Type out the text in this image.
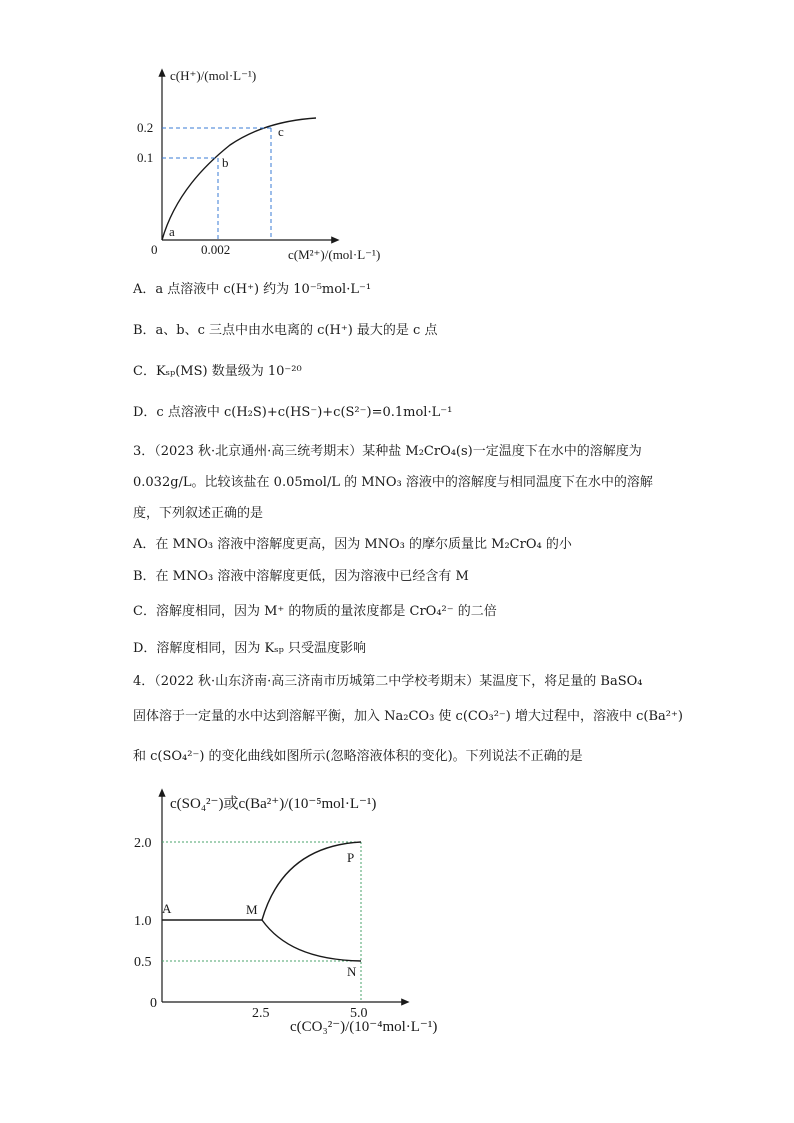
c(H⁺)/(mol·L⁻¹)
c(M²⁺)/(mol·L⁻¹)
0	0.002
0.2
0.1
a
b
c
A．a 点溶液中 c(H⁺) 约为 10⁻⁵mol·L⁻¹
B．a、b、c 三点中由水电离的 c(H⁺) 最大的是 c 点
C．Kₛₚ(MS) 数量级为 10⁻²⁰
D．c 点溶液中 c(H₂S)+c(HS⁻)+c(S²⁻)=0.1mol·L⁻¹
3．（2023 秋·北京通州·高三统考期末）某种盐 M₂CrO₄(s)一定温度下在水中的溶解度为
0.032g/L。比较该盐在 0.05mol/L 的 MNO₃ 溶液中的溶解度与相同温度下在水中的溶解
度，下列叙述正确的是
A．在 MNO₃ 溶液中溶解度更高，因为 MNO₃ 的摩尔质量比 M₂CrO₄ 的小
B．在 MNO₃ 溶液中溶解度更低，因为溶液中已经含有 M
C．溶解度相同，因为 M⁺ 的物质的量浓度都是 CrO₄²⁻ 的二倍
D．溶解度相同，因为 Kₛₚ 只受温度影响
4．（2022 秋·山东济南·高三济南市历城第二中学校考期末）某温度下，将足量的 BaSO₄
固体溶于一定量的水中达到溶解平衡，加入 Na₂CO₃ 使 c(CO₃²⁻) 增大过程中，溶液中 c(Ba²⁺)
和 c(SO₄²⁻) 的变化曲线如图所示(忽略溶液体积的变化)。下列说法不正确的是
c(SO₄²⁻)或c(Ba²⁺)/(10⁻⁵mol·L⁻¹)
c(CO₃²⁻)/(10⁻⁴mol·L⁻¹)
0
2.0
1.0
0.5
2.5	5.0
A	M
P
N
